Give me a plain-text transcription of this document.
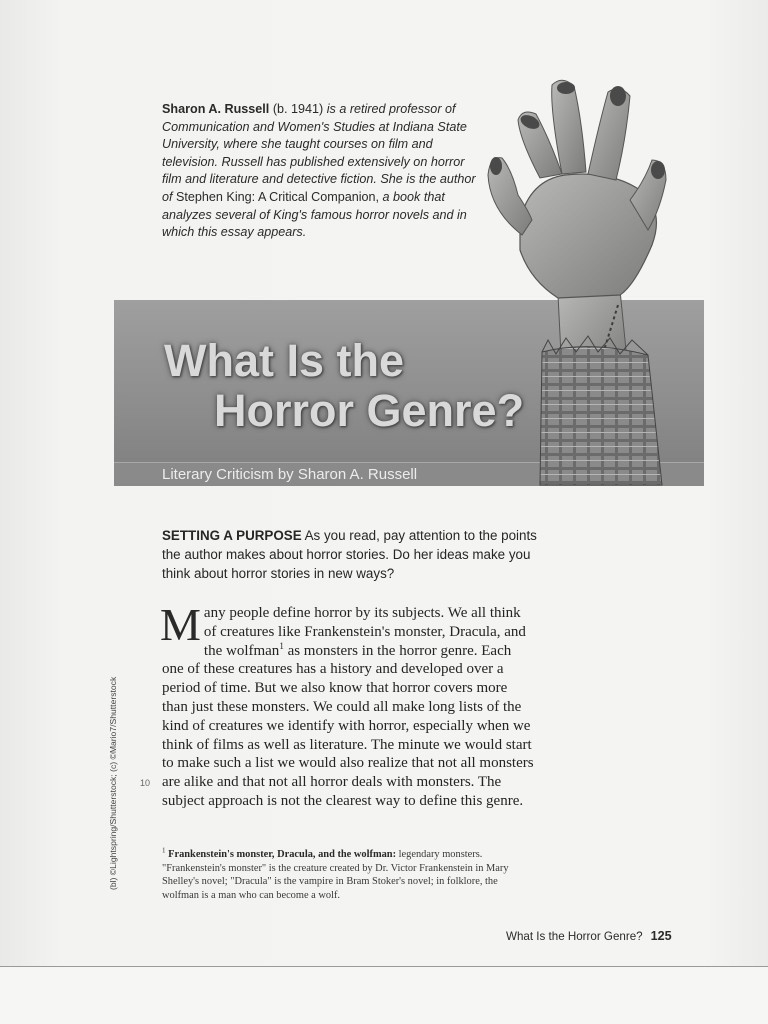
Sharon A. Russell (b. 1941) is a retired professor of Communication and Women's Studies at Indiana State University, where she taught courses on film and television. Russell has published extensively on horror film and literature and detective fiction. She is the author of Stephen King: A Critical Companion, a book that analyzes several of King's famous horror novels and in which this essay appears.
What Is the
Horror Genre?
Literary Criticism by Sharon A. Russell
SETTING A PURPOSE As you read, pay attention to the points the author makes about horror stories. Do her ideas make you think about horror stories in new ways?
Many people define horror by its subjects. We all think of creatures like Frankenstein's monster, Dracula, and the wolfman$^1$ as monsters in the horror genre. Each one of these creatures has a history and developed over a period of time. But we also know that horror covers more than just these monsters. We could all make long lists of the kind of creatures we identify with horror, especially when we think of films as well as literature. The minute we would start to make such a list we would also realize that not all monsters are alike and that not all horror deals with monsters. The subject approach is not the clearest way to define this genre.
10
(bl) ©Lightspring/Shutterstock; (c) ©Mario7/Shutterstock	$^1$ Frankenstein's monster, Dracula, and the wolfman: legendary monsters. "Frankenstein's monster" is the creature created by Dr. Victor Frankenstein in Mary Shelley's novel; "Dracula" is the vampire in Bram Stoker's novel; in folklore, the wolfman is a man who can become a wolf.
What Is the Horror Genre? 125
